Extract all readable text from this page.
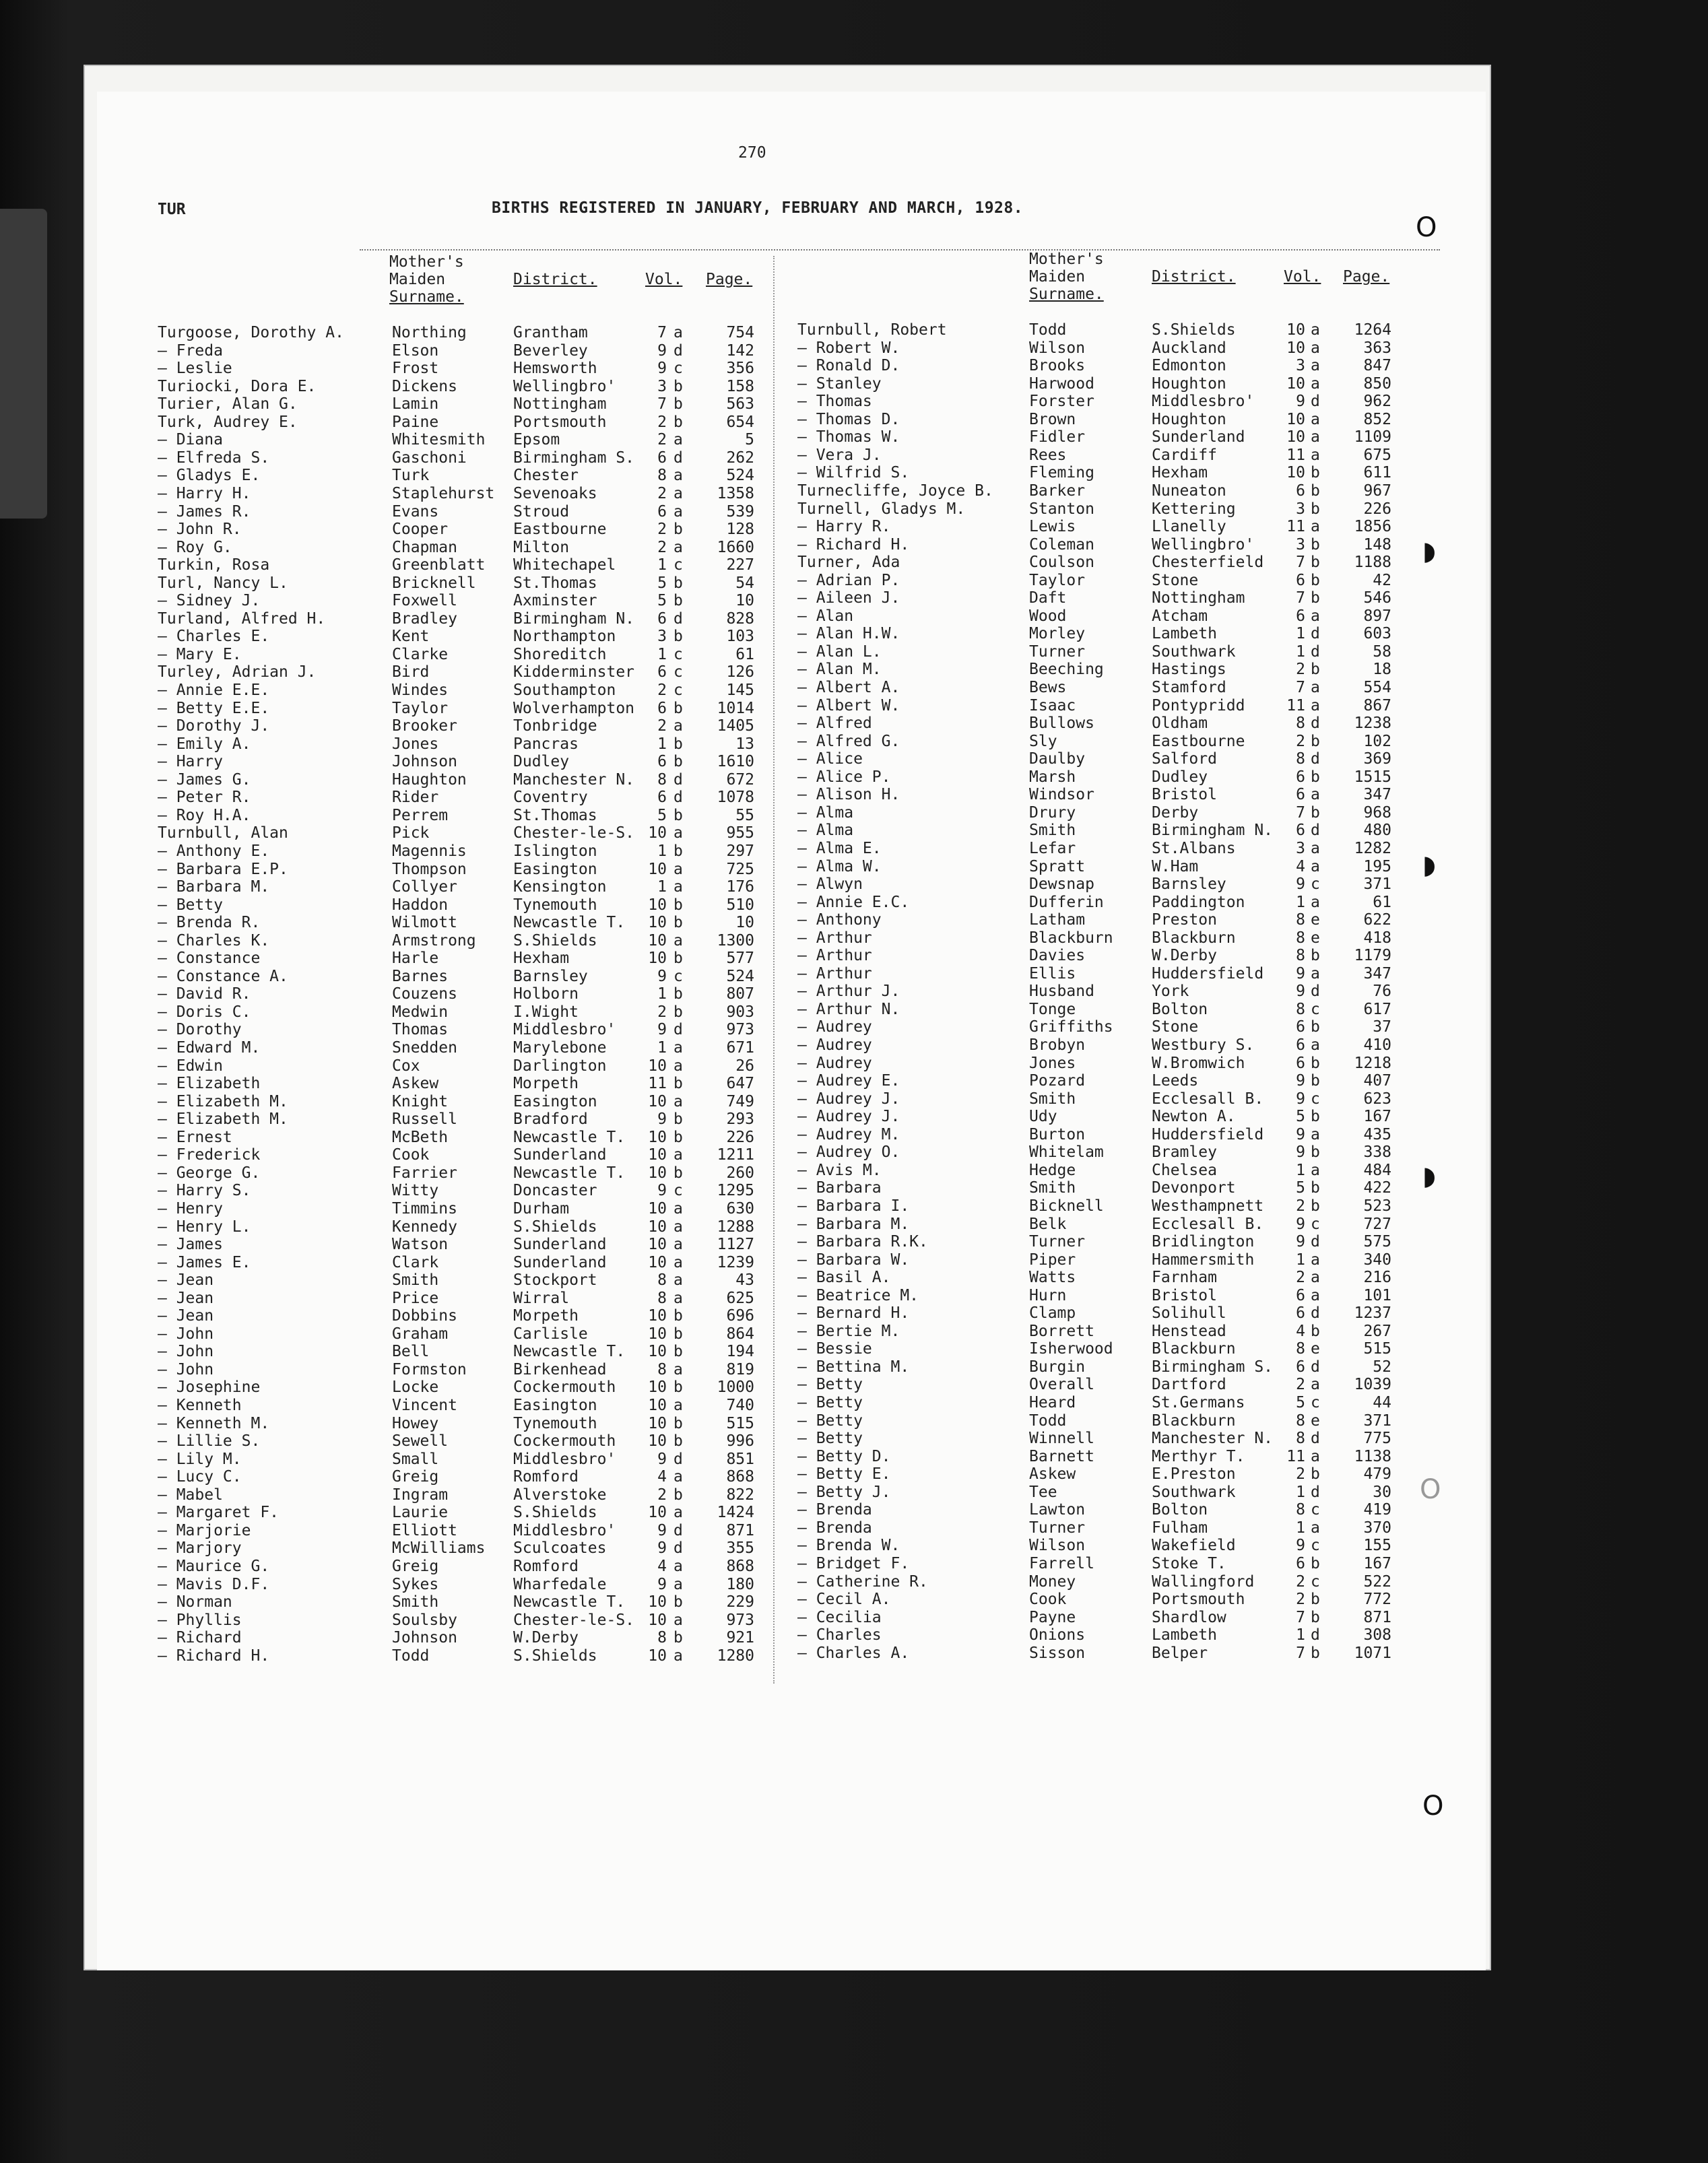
270
TUR	BIRTHS REGISTERED IN JANUARY, FEBRUARY AND MARCH, 1928.
O
◗
◗
◗
O
O
Mother's
Maiden
Surname.
District.	Vol. Page.
Mother's
Maiden
Surname.
District.	Vol. Page.
Turgoose, Dorothy A.	Northing	Grantham	7 a	754
— Freda	Elson	Beverley	9 d	142
— Leslie	Frost	Hemsworth	9 c	356
Turiocki, Dora E.	Dickens	Wellingbro'	3 b	158
Turier, Alan G.	Lamin	Nottingham	7 b	563
Turk, Audrey E.	Paine	Portsmouth	2 b	654
— Diana	Whitesmith Epsom	2 a	5
— Elfreda S.	Gaschoni	Birmingham S.	6 d	262
— Gladys E.	Turk	Chester	8 a	524
— Harry H.	Staplehurst Sevenoaks	2 a	1358
— James R.	Evans	Stroud	6 a	539
— John R.	Cooper	Eastbourne	2 b	128
— Roy G.	Chapman	Milton	2 a	1660
Turkin, Rosa	Greenblatt Whitechapel	1 c	227
Turl, Nancy L.	Bricknell St.Thomas	5 b	54
— Sidney J.	Foxwell	Axminster	5 b	10
Turland, Alfred H.	Bradley	Birmingham N.	6 d	828
— Charles E.	Kent	Northampton	3 b	103
— Mary E.	Clarke	Shoreditch	1 c	61
Turley, Adrian J.	Bird	Kidderminster	6 c	126
— Annie E.E.	Windes	Southampton	2 c	145
— Betty E.E.	Taylor	Wolverhampton	6 b	1014
— Dorothy J.	Brooker	Tonbridge	2 a	1405
— Emily A.	Jones	Pancras	1 b	13
— Harry	Johnson	Dudley	6 b	1610
— James G.	Haughton	Manchester N.	8 d	672
— Peter R.	Rider	Coventry	6 d	1078
— Roy H.A.	Perrem	St.Thomas	5 b	55
Turnbull, Alan	Pick	Chester-le-S. 10 a	955
— Anthony E.	Magennis	Islington	1 b	297
— Barbara E.P.	Thompson	Easington	10 a	725
— Barbara M.	Collyer	Kensington	1 a	176
— Betty	Haddon	Tynemouth	10 b	510
— Brenda R.	Wilmott	Newcastle T.	10 b	10
— Charles K.	Armstrong S.Shields	10 a	1300
— Constance	Harle	Hexham	10 b	577
— Constance A.	Barnes	Barnsley	9 c	524
— David R.	Couzens	Holborn	1 b	807
— Doris C.	Medwin	I.Wight	2 b	903
— Dorothy	Thomas	Middlesbro'	9 d	973
— Edward M.	Snedden	Marylebone	1 a	671
— Edwin	Cox	Darlington	10 a	26
— Elizabeth	Askew	Morpeth	11 b	647
— Elizabeth M.	Knight	Easington	10 a	749
— Elizabeth M.	Russell	Bradford	9 b	293
— Ernest	McBeth	Newcastle T.	10 b	226
— Frederick	Cook	Sunderland	10 a	1211
— George G.	Farrier	Newcastle T.	10 b	260
— Harry S.	Witty	Doncaster	9 c	1295
— Henry	Timmins	Durham	10 a	630
— Henry L.	Kennedy	S.Shields	10 a	1288
— James	Watson	Sunderland	10 a	1127
— James E.	Clark	Sunderland	10 a	1239
— Jean	Smith	Stockport	8 a	43
— Jean	Price	Wirral	8 a	625
— Jean	Dobbins	Morpeth	10 b	696
— John	Graham	Carlisle	10 b	864
— John	Bell	Newcastle T.	10 b	194
— John	Formston	Birkenhead	8 a	819
— Josephine	Locke	Cockermouth	10 b	1000
— Kenneth	Vincent	Easington	10 a	740
— Kenneth M.	Howey	Tynemouth	10 b	515
— Lillie S.	Sewell	Cockermouth	10 b	996
— Lily M.	Small	Middlesbro'	9 d	851
— Lucy C.	Greig	Romford	4 a	868
— Mabel	Ingram	Alverstoke	2 b	822
— Margaret F.	Laurie	S.Shields	10 a	1424
— Marjorie	Elliott	Middlesbro'	9 d	871
— Marjory	McWilliams Sculcoates	9 d	355
— Maurice G.	Greig	Romford	4 a	868
— Mavis D.F.	Sykes	Wharfedale	9 a	180
— Norman	Smith	Newcastle T.	10 b	229
— Phyllis	Soulsby	Chester-le-S. 10 a	973
— Richard	Johnson	W.Derby	8 b	921
— Richard H.	Todd	S.Shields	10 a	1280
Turnbull, Robert	Todd	S.Shields	10 a	1264
— Robert W.	Wilson	Auckland	10 a	363
— Ronald D.	Brooks	Edmonton	3 a	847
— Stanley	Harwood	Houghton	10 a	850
— Thomas	Forster	Middlesbro'	9 d	962
— Thomas D.	Brown	Houghton	10 a	852
— Thomas W.	Fidler	Sunderland	10 a	1109
— Vera J.	Rees	Cardiff	11 a	675
— Wilfrid S.	Fleming	Hexham	10 b	611
Turnecliffe, Joyce B. Barker	Nuneaton	6 b	967
Turnell, Gladys M.	Stanton	Kettering	3 b	226
— Harry R.	Lewis	Llanelly	11 a	1856
— Richard H.	Coleman	Wellingbro'	3 b	148
Turner, Ada	Coulson	Chesterfield	7 b	1188
— Adrian P.	Taylor	Stone	6 b	42
— Aileen J.	Daft	Nottingham	7 b	546
— Alan	Wood	Atcham	6 a	897
— Alan H.W.	Morley	Lambeth	1 d	603
— Alan L.	Turner	Southwark	1 d	58
— Alan M.	Beeching	Hastings	2 b	18
— Albert A.	Bews	Stamford	7 a	554
— Albert W.	Isaac	Pontypridd	11 a	867
— Alfred	Bullows	Oldham	8 d	1238
— Alfred G.	Sly	Eastbourne	2 b	102
— Alice	Daulby	Salford	8 d	369
— Alice P.	Marsh	Dudley	6 b	1515
— Alison H.	Windsor	Bristol	6 a	347
— Alma	Drury	Derby	7 b	968
— Alma	Smith	Birmingham N.	6 d	480
— Alma E.	Lefar	St.Albans	3 a	1282
— Alma W.	Spratt	W.Ham	4 a	195
— Alwyn	Dewsnap	Barnsley	9 c	371
— Annie E.C.	Dufferin	Paddington	1 a	61
— Anthony	Latham	Preston	8 e	622
— Arthur	Blackburn Blackburn	8 e	418
— Arthur	Davies	W.Derby	8 b	1179
— Arthur	Ellis	Huddersfield	9 a	347
— Arthur J.	Husband	York	9 d	76
— Arthur N.	Tonge	Bolton	8 c	617
— Audrey	Griffiths Stone	6 b	37
— Audrey	Brobyn	Westbury S.	6 a	410
— Audrey	Jones	W.Bromwich	6 b	1218
— Audrey E.	Pozard	Leeds	9 b	407
— Audrey J.	Smith	Ecclesall B.	9 c	623
— Audrey J.	Udy	Newton A.	5 b	167
— Audrey M.	Burton	Huddersfield	9 a	435
— Audrey O.	Whitelam	Bramley	9 b	338
— Avis M.	Hedge	Chelsea	1 a	484
— Barbara	Smith	Devonport	5 b	422
— Barbara I.	Bicknell	Westhampnett	2 b	523
— Barbara M.	Belk	Ecclesall B.	9 c	727
— Barbara R.K.	Turner	Bridlington	9 d	575
— Barbara W.	Piper	Hammersmith	1 a	340
— Basil A.	Watts	Farnham	2 a	216
— Beatrice M.	Hurn	Bristol	6 a	101
— Bernard H.	Clamp	Solihull	6 d	1237
— Bertie M.	Borrett	Henstead	4 b	267
— Bessie	Isherwood Blackburn	8 e	515
— Bettina M.	Burgin	Birmingham S.	6 d	52
— Betty	Overall	Dartford	2 a	1039
— Betty	Heard	St.Germans	5 c	44
— Betty	Todd	Blackburn	8 e	371
— Betty	Winnell	Manchester N.	8 d	775
— Betty D.	Barnett	Merthyr T.	11 a	1138
— Betty E.	Askew	E.Preston	2 b	479
— Betty J.	Tee	Southwark	1 d	30
— Brenda	Lawton	Bolton	8 c	419
— Brenda	Turner	Fulham	1 a	370
— Brenda W.	Wilson	Wakefield	9 c	155
— Bridget F.	Farrell	Stoke T.	6 b	167
— Catherine R.	Money	Wallingford	2 c	522
— Cecil A.	Cook	Portsmouth	2 b	772
— Cecilia	Payne	Shardlow	7 b	871
— Charles	Onions	Lambeth	1 d	308
— Charles A.	Sisson	Belper	7 b	1071
